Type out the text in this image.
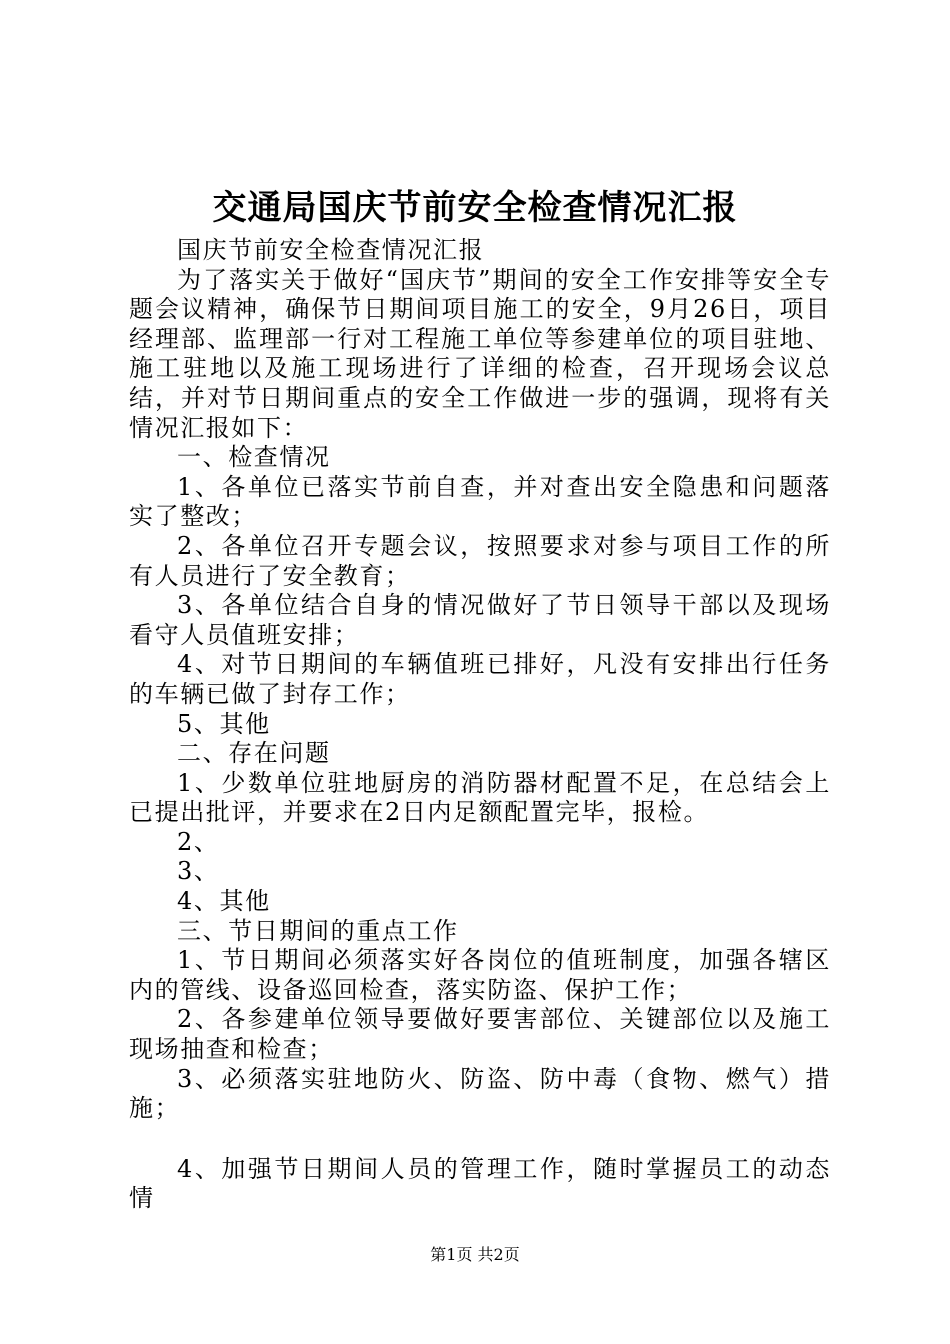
交通局国庆节前安全检查情况汇报

国庆节前安全检查情况汇报

为了落实关于做好“国庆节”期间的安全工作安排等安全专题会议精神，确保节日期间项目施工的安全，9月26日，项目经理部、监理部一行对工程施工单位等参建单位的项目驻地、施工驻地以及施工现场进行了详细的检查，召开现场会议总结，并对节日期间重点的安全工作做进一步的强调，现将有关情况汇报如下：

一、检查情况

1、各单位已落实节前自查，并对查出安全隐患和问题落实了整改；

2、各单位召开专题会议，按照要求对参与项目工作的所有人员进行了安全教育；

3、各单位结合自身的情况做好了节日领导干部以及现场看守人员值班安排；

4、对节日期间的车辆值班已排好，凡没有安排出行任务的车辆已做了封存工作；

5、其他

二、存在问题

1、少数单位驻地厨房的消防器材配置不足，在总结会上已提出批评，并要求在2日内足额配置完毕，报检。

2、

3、

4、其他

三、节日期间的重点工作

1、节日期间必须落实好各岗位的值班制度，加强各辖区内的管线、设备巡回检查，落实防盗、保护工作；

2、各参建单位领导要做好要害部位、关键部位以及施工现场抽查和检查；

3、必须落实驻地防火、防盗、防中毒（食物、燃气）措施；

4、加强节日期间人员的管理工作，随时掌握员工的动态情

第1页 共2页
